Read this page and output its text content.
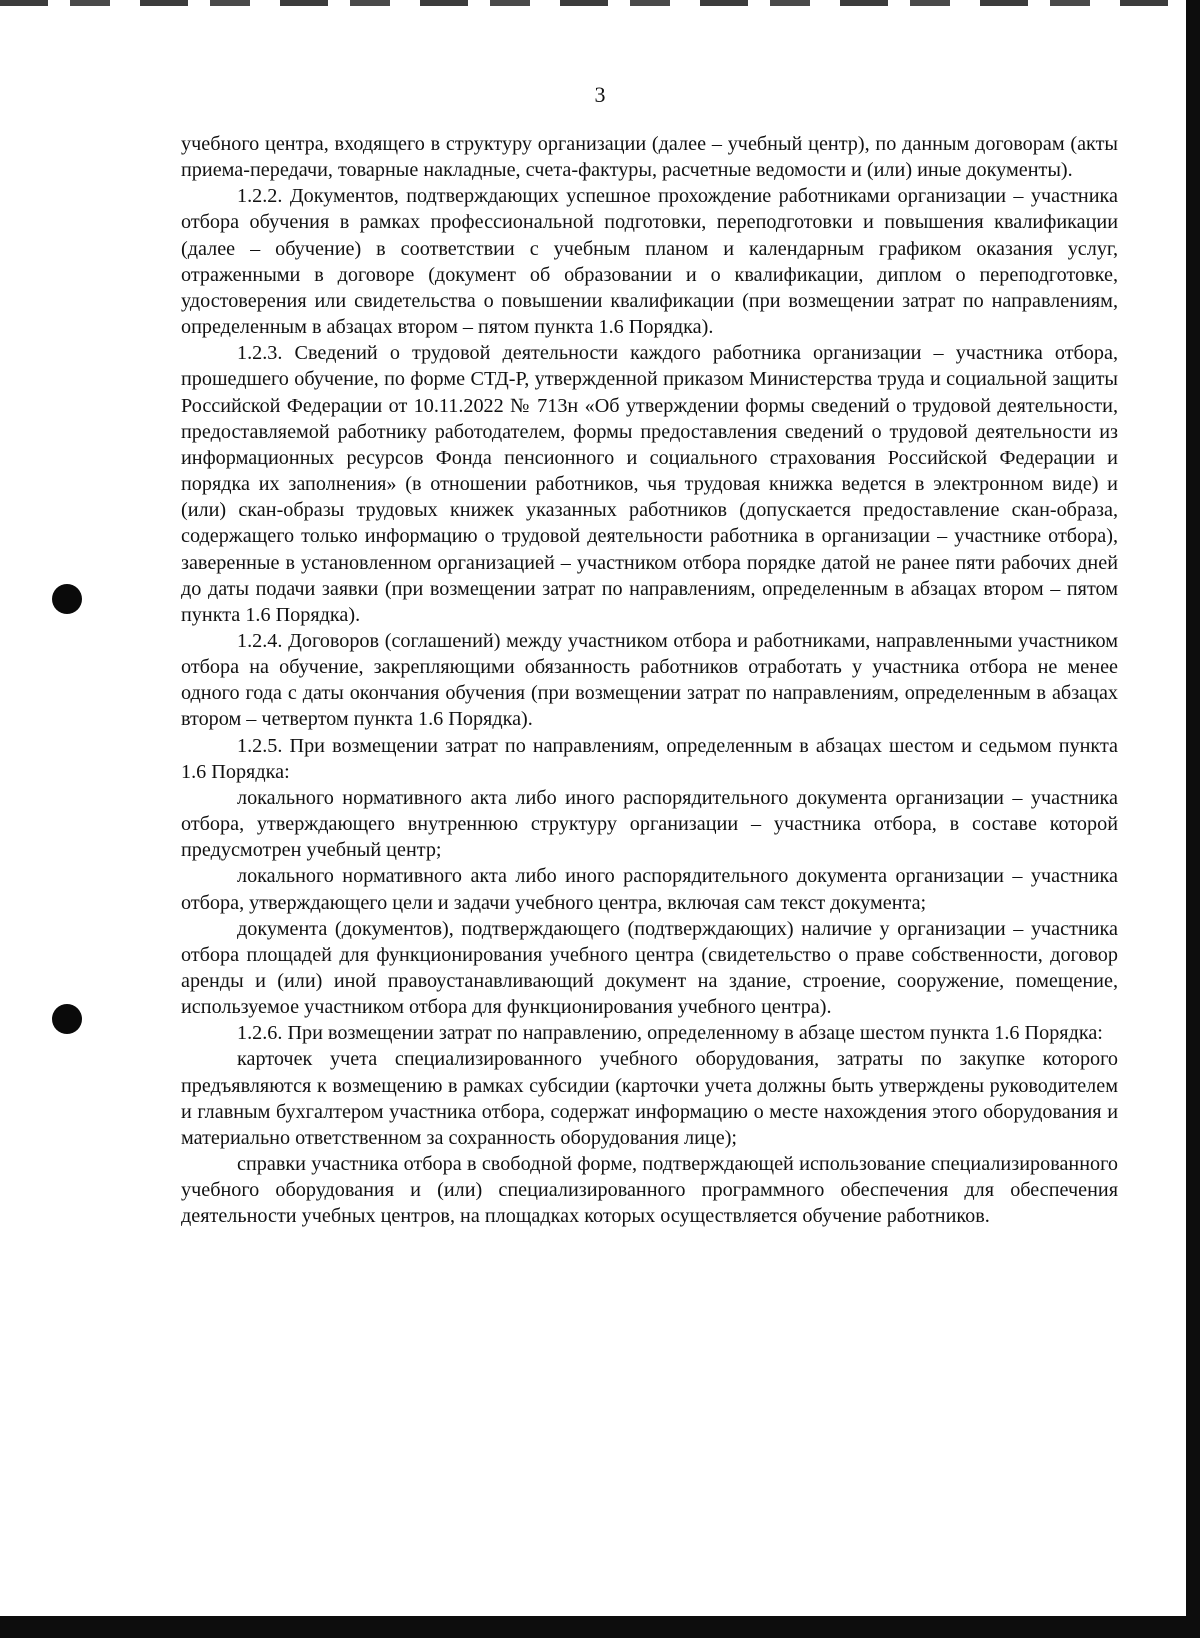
3

учебного центра, входящего в структуру организации (далее – учебный центр), по данным договорам (акты приема-передачи, товарные накладные, счета-фактуры, расчетные ведомости и (или) иные документы).

1.2.2. Документов, подтверждающих успешное прохождение работниками организации – участника отбора обучения в рамках профессиональной подготовки, переподготовки и повышения квалификации (далее – обучение) в соответствии с учебным планом и календарным графиком оказания услуг, отраженными в договоре (документ об образовании и о квалификации, диплом о переподготовке, удостоверения или свидетельства о повышении квалификации (при возмещении затрат по направлениям, определенным в абзацах втором – пятом пункта 1.6 Порядка).

1.2.3. Сведений о трудовой деятельности каждого работника организации – участника отбора, прошедшего обучение, по форме СТД-Р, утвержденной приказом Министерства труда и социальной защиты Российской Федерации от 10.11.2022 № 713н «Об утверждении формы сведений о трудовой деятельности, предоставляемой работнику работодателем, формы предоставления сведений о трудовой деятельности из информационных ресурсов Фонда пенсионного и социального страхования Российской Федерации и порядка их заполнения» (в отношении работников, чья трудовая книжка ведется в электронном виде) и (или) скан-образы трудовых книжек указанных работников (допускается предоставление скан-образа, содержащего только информацию о трудовой деятельности работника в организации – участнике отбора), заверенные в установленном организацией – участником отбора порядке датой не ранее пяти рабочих дней до даты подачи заявки (при возмещении затрат по направлениям, определенным в абзацах втором – пятом пункта 1.6 Порядка).

1.2.4. Договоров (соглашений) между участником отбора и работниками, направленными участником отбора на обучение, закрепляющими обязанность работников отработать у участника отбора не менее одного года с даты окончания обучения (при возмещении затрат по направлениям, определенным в абзацах втором – четвертом пункта 1.6 Порядка).

1.2.5. При возмещении затрат по направлениям, определенным в абзацах шестом и седьмом пункта 1.6 Порядка:

локального нормативного акта либо иного распорядительного документа организации – участника отбора, утверждающего внутреннюю структуру организации – участника отбора, в составе которой предусмотрен учебный центр;

локального нормативного акта либо иного распорядительного документа организации – участника отбора, утверждающего цели и задачи учебного центра, включая сам текст документа;

документа (документов), подтверждающего (подтверждающих) наличие у организации – участника отбора площадей для функционирования учебного центра (свидетельство о праве собственности, договор аренды и (или) иной правоустанавливающий документ на здание, строение, сооружение, помещение, используемое участником отбора для функционирования учебного центра).

1.2.6. При возмещении затрат по направлению, определенному в абзаце шестом пункта 1.6 Порядка:

карточек учета специализированного учебного оборудования, затраты по закупке которого предъявляются к возмещению в рамках субсидии (карточки учета должны быть утверждены руководителем и главным бухгалтером участника отбора, содержат информацию о месте нахождения этого оборудования и материально ответственном за сохранность оборудования лице);

справки участника отбора в свободной форме, подтверждающей использование специализированного учебного оборудования и (или) специализированного программного обеспечения для обеспечения деятельности учебных центров, на площадках которых осуществляется обучение работников.
